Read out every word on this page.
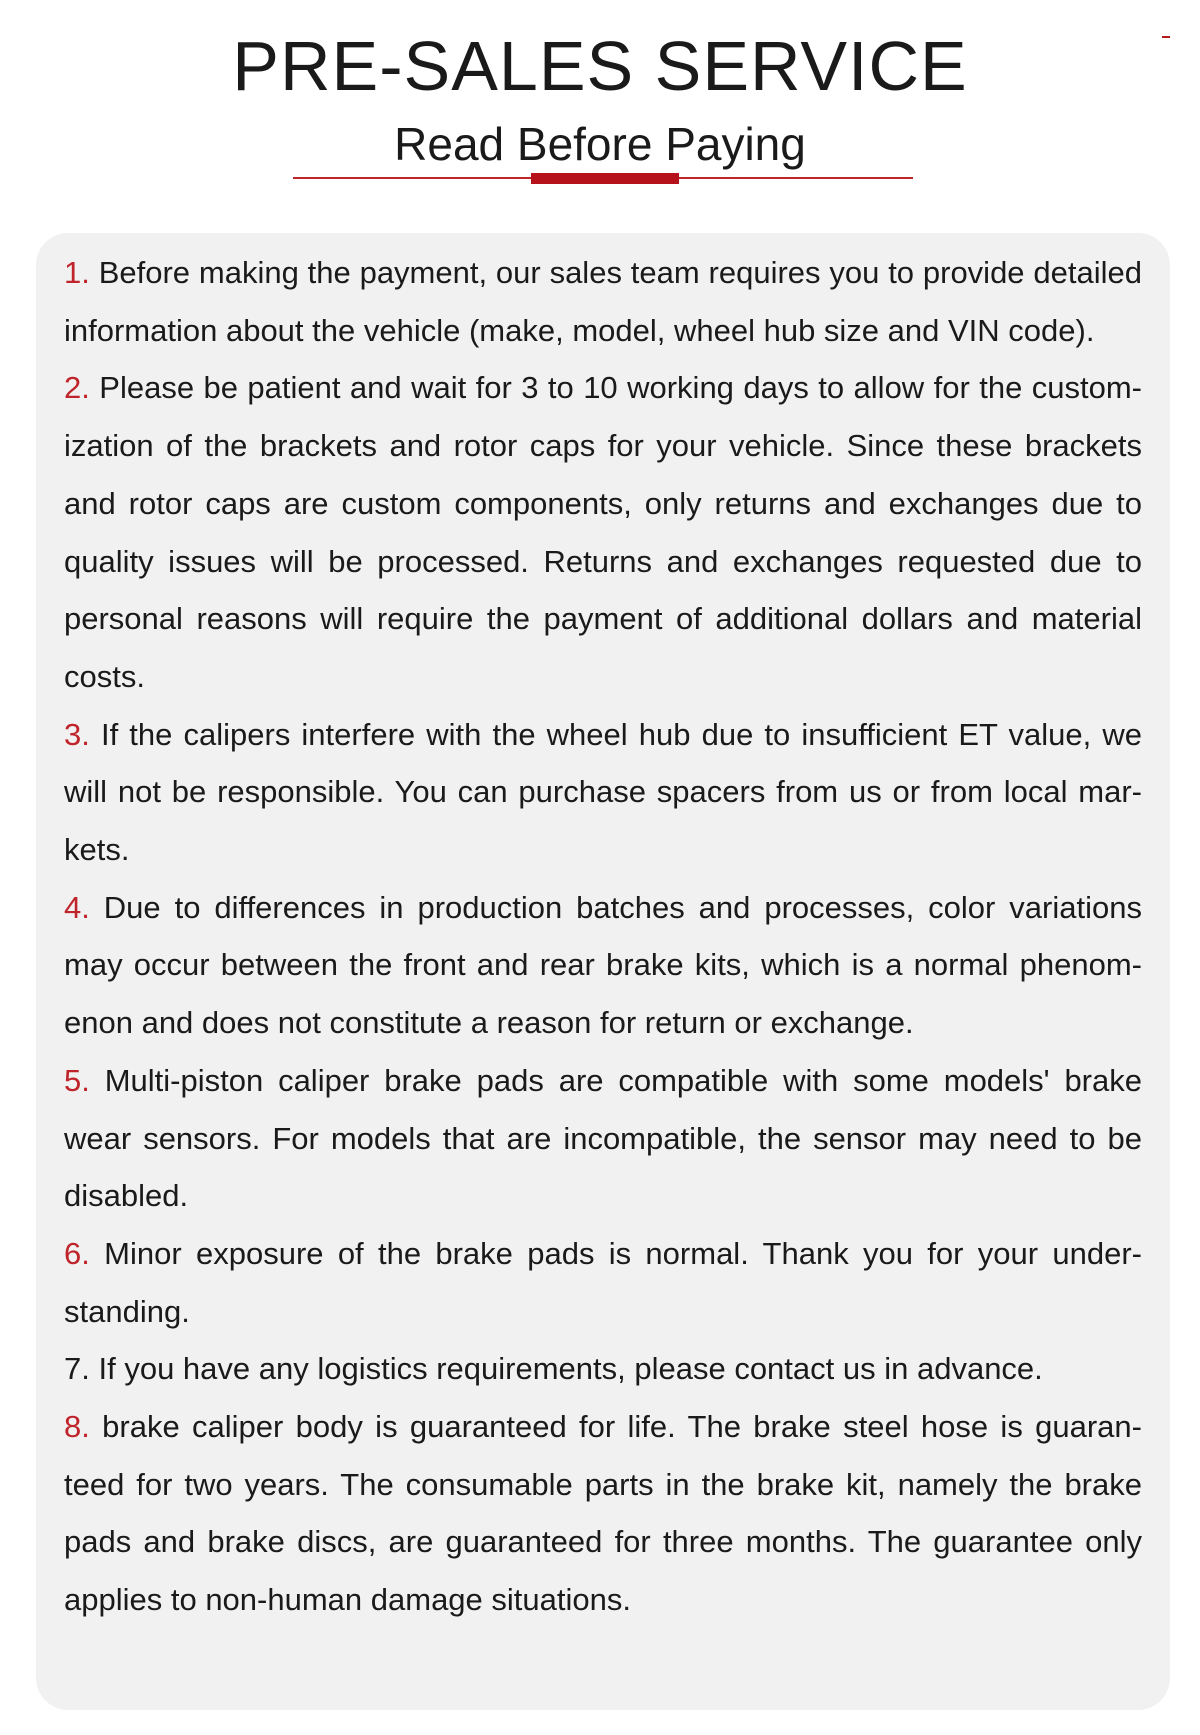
PRE-SALES SERVICE

Read Before Paying

1. Before making the payment, our sales team requires you to provide detailed information about the vehicle (make, model, wheel hub size and VIN code).

2. Please be patient and wait for 3 to 10 working days to allow for the customization of the brackets and rotor caps for your vehicle. Since these brackets and rotor caps are custom components, only returns and exchanges due to quality issues will be processed. Returns and exchanges requested due to personal reasons will require the payment of additional dollars and material costs.

3. If the calipers interfere with the wheel hub due to insufficient ET value, we will not be responsible. You can purchase spacers from us or from local markets.

4. Due to differences in production batches and processes, color variations may occur between the front and rear brake kits, which is a normal phenomenon and does not constitute a reason for return or exchange.

5. Multi-piston caliper brake pads are compatible with some models' brake wear sensors. For models that are incompatible, the sensor may need to be disabled.

6. Minor exposure of the brake pads is normal. Thank you for your understanding.

7. If you have any logistics requirements, please contact us in advance.

8. brake caliper body is guaranteed for life. The brake steel hose is guaranteed for two years. The consumable parts in the brake kit, namely the brake pads and brake discs, are guaranteed for three months. The guarantee only applies to non-human damage situations.
